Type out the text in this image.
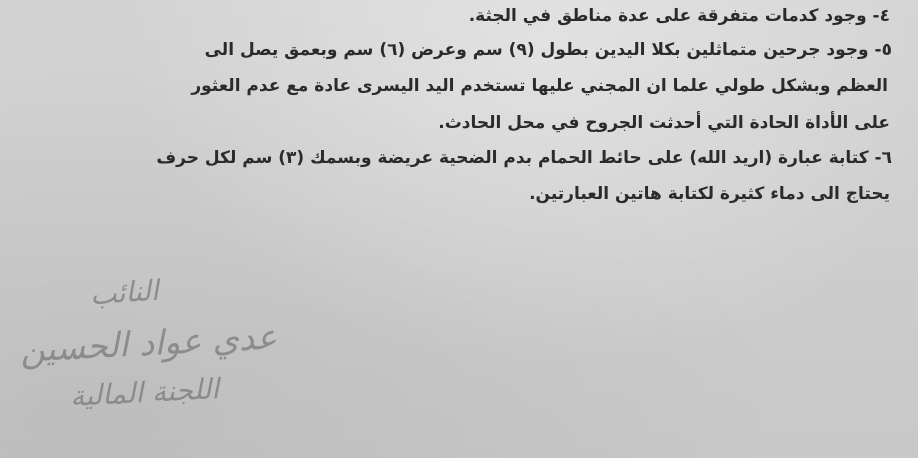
٤- وجود كدمات متفرقة على عدة مناطق في الجثة.
٥- وجود جرحين متماثلين بكلا اليدين بطول (٩) سم وعرض (٦) سم وبعمق يصل الى
العظم وبشكل طولي علما ان المجني عليها تستخدم اليد اليسرى عادة مع عدم العثور
على الأداة الحادة التي أحدثت الجروح في محل الحادث.
٦- كتابة عبارة (اريد الله) على حائط الحمام بدم الضحية عريضة وبسمك (٣) سم لكل حرف
يحتاج الى دماء كثيرة لكتابة هاتين العبارتين.
النائب
عدي عواد الحسين
اللجنة المالية
